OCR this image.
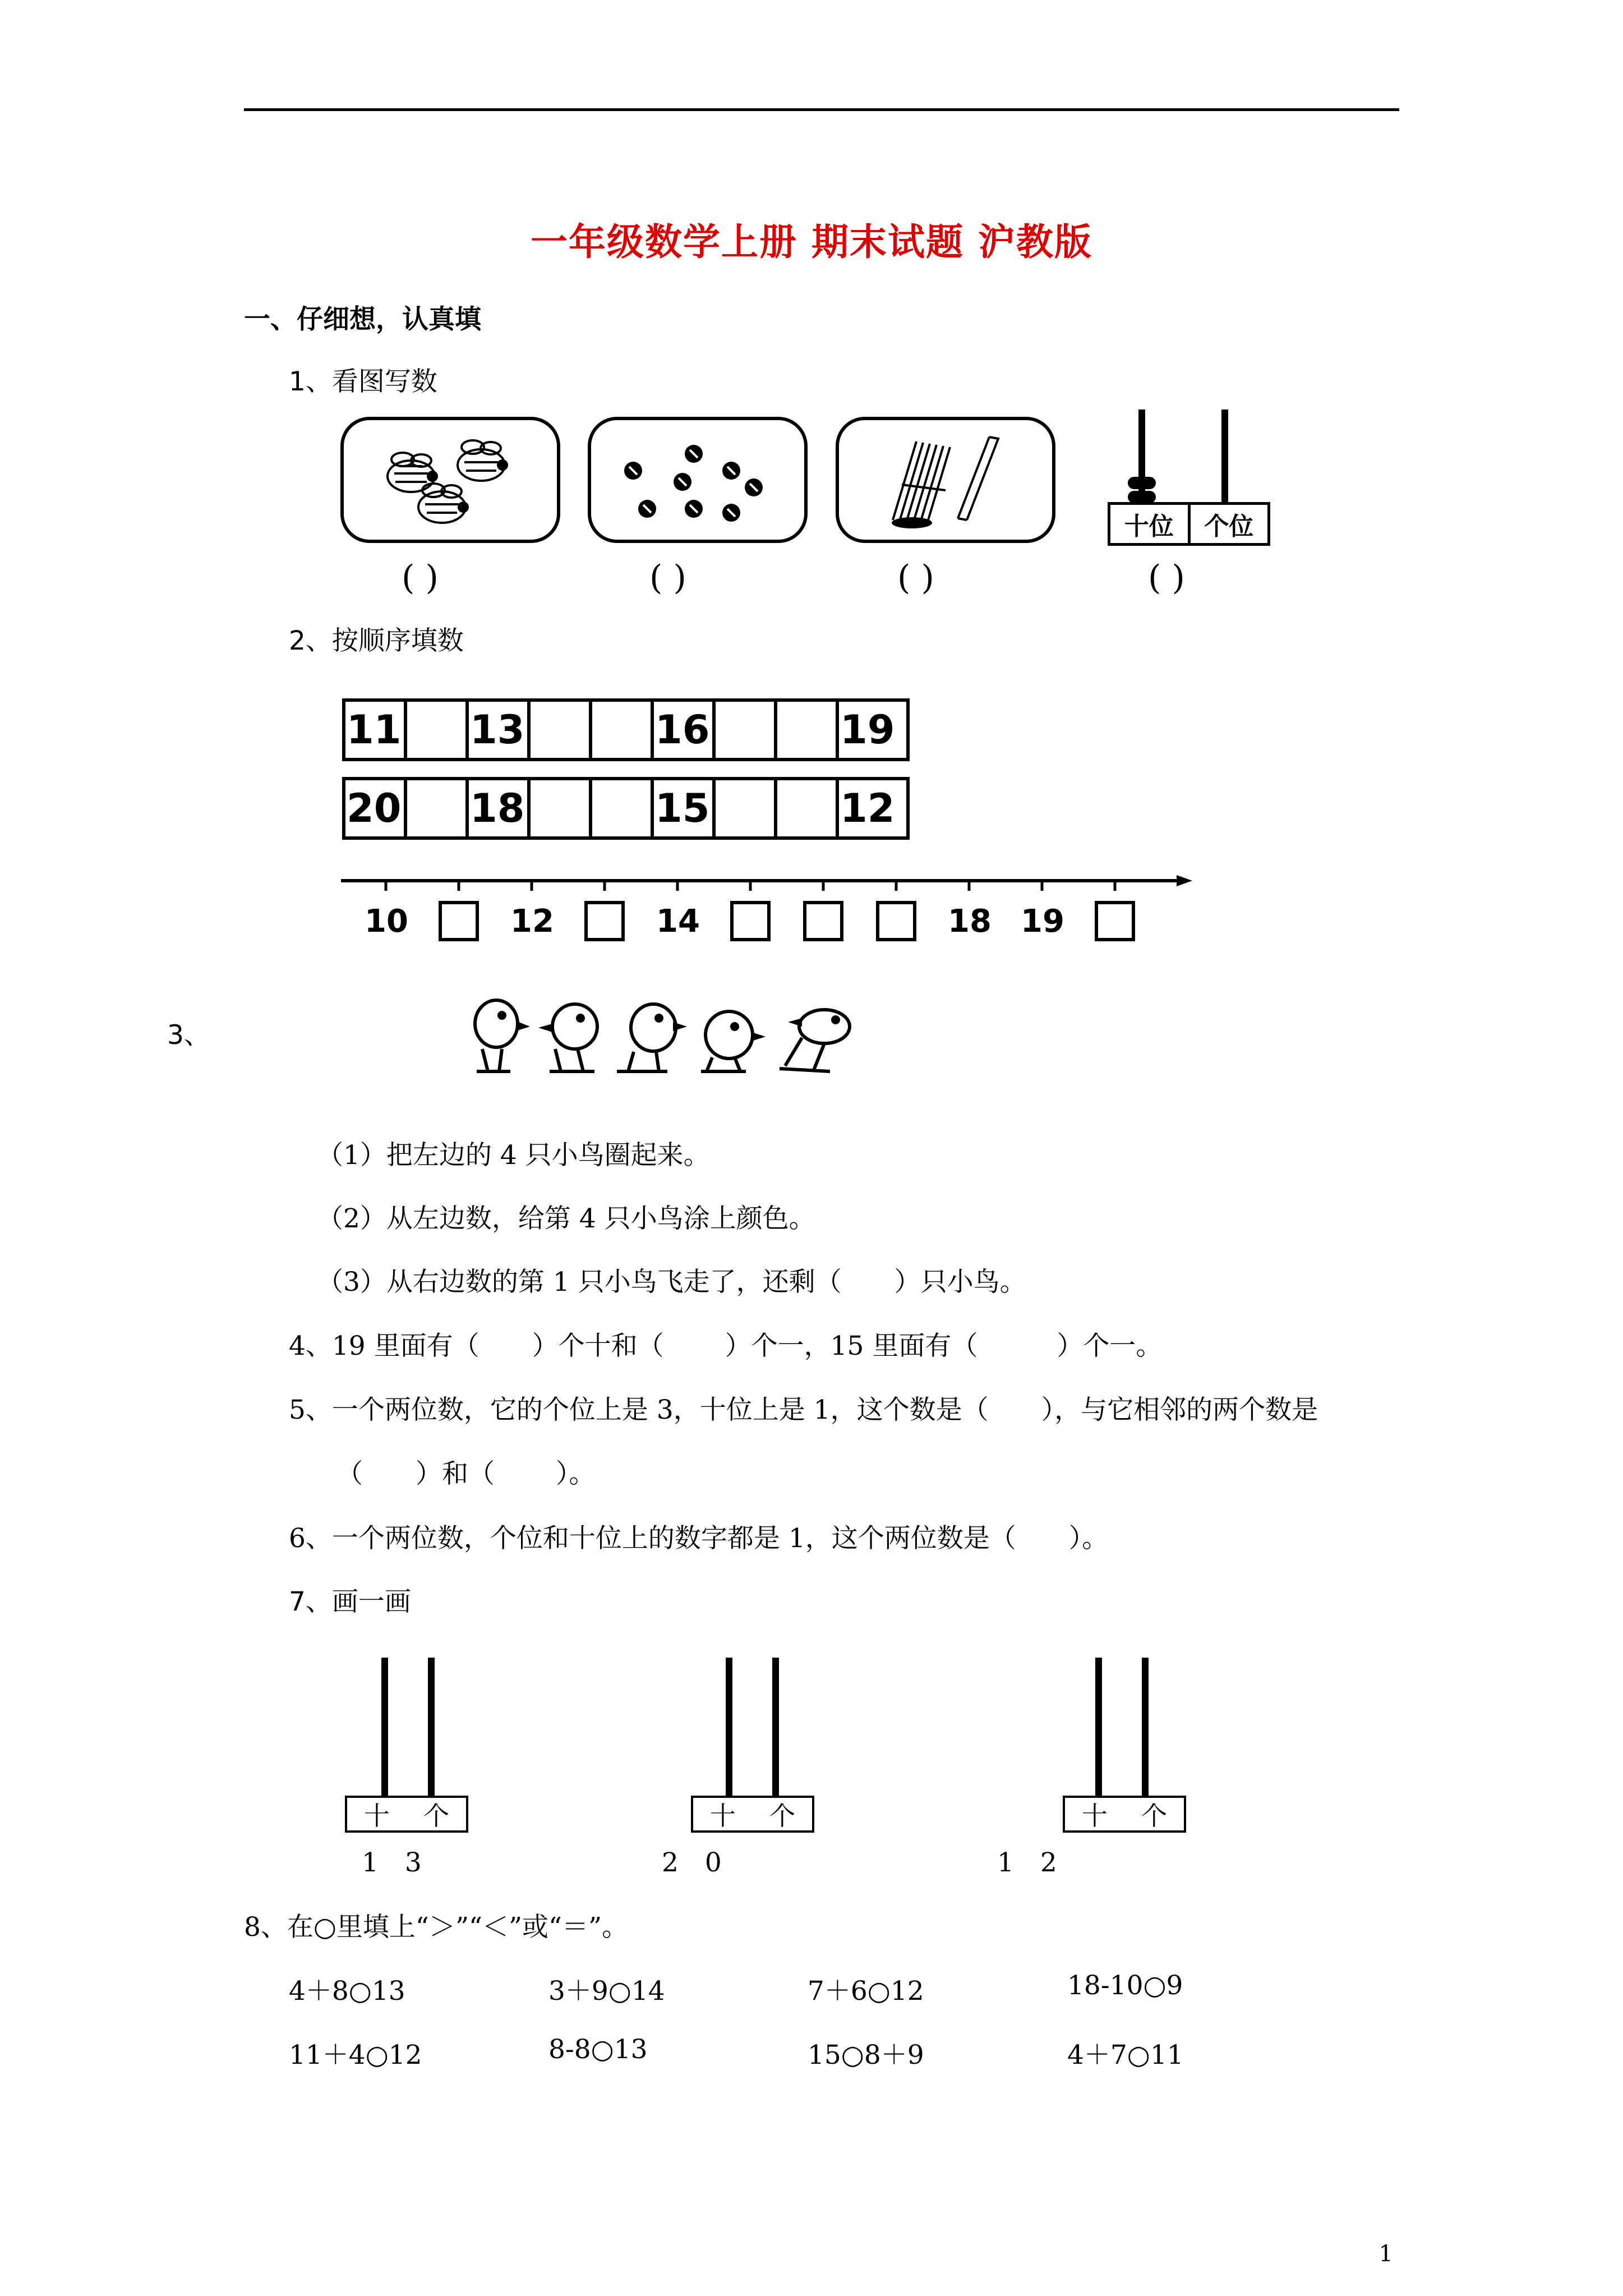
一年级数学上册 期末试题 沪教版
一、仔细想，认真填
1、看图写数
十位	个位
( )	( )	( )	( )
2、按顺序填数
11 13	16	19
20 18	15	12
10	12	14	18 19
3、
（1）把左边的 4 只小鸟圈起来。
（2）从左边数，给第 4 只小鸟涂上颜色。
（3）从右边数的第 1 只小鸟飞走了，还剩（　　）只小鸟。
4、19 里面有（　　）个十和（　　 ）个一，15 里面有（　　　）个一。
5、一个两位数，它的个位上是 3，十位上是 1，这个数是（　　），与它相邻的两个数是
（　　）和（　　 ）。
6、一个两位数，个位和十位上的数字都是 1，这个两位数是（　　）。
7、画一画
十 个
1　3
十 个
2　0
十 个
1　2
8、在○里填上“＞”“＜”或“＝”。
4＋8○13	3＋9○14	7＋6○12	18-10○9
11＋4○12	8-8○13	15○8＋9	4＋7○11
1
